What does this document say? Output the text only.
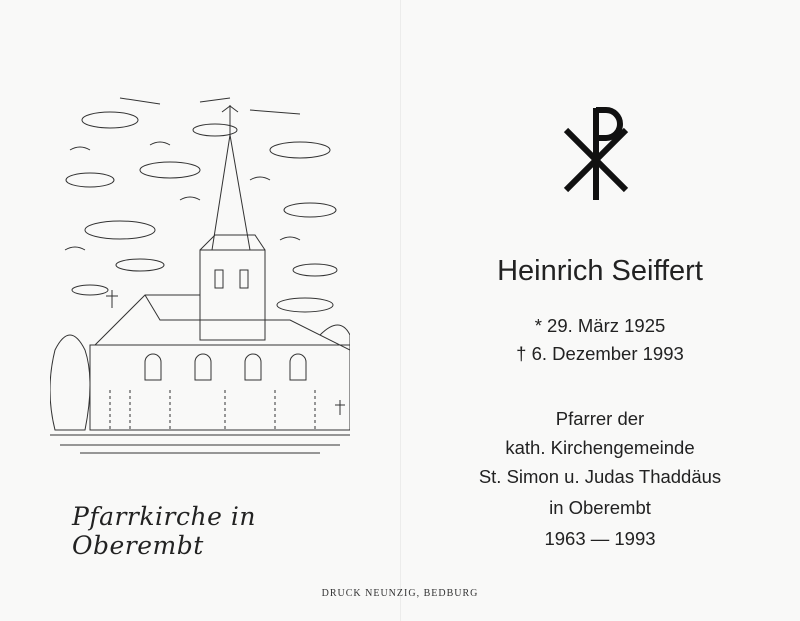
Pfarrkirche in Oberembt
Heinrich Seiffert
* 29. März 1925
† 6. Dezember 1993
Pfarrer der
kath. Kirchengemeinde
St. Simon u. Judas Thaddäus
in Oberembt
1963 — 1993
DRUCK NEUNZIG, BEDBURG
